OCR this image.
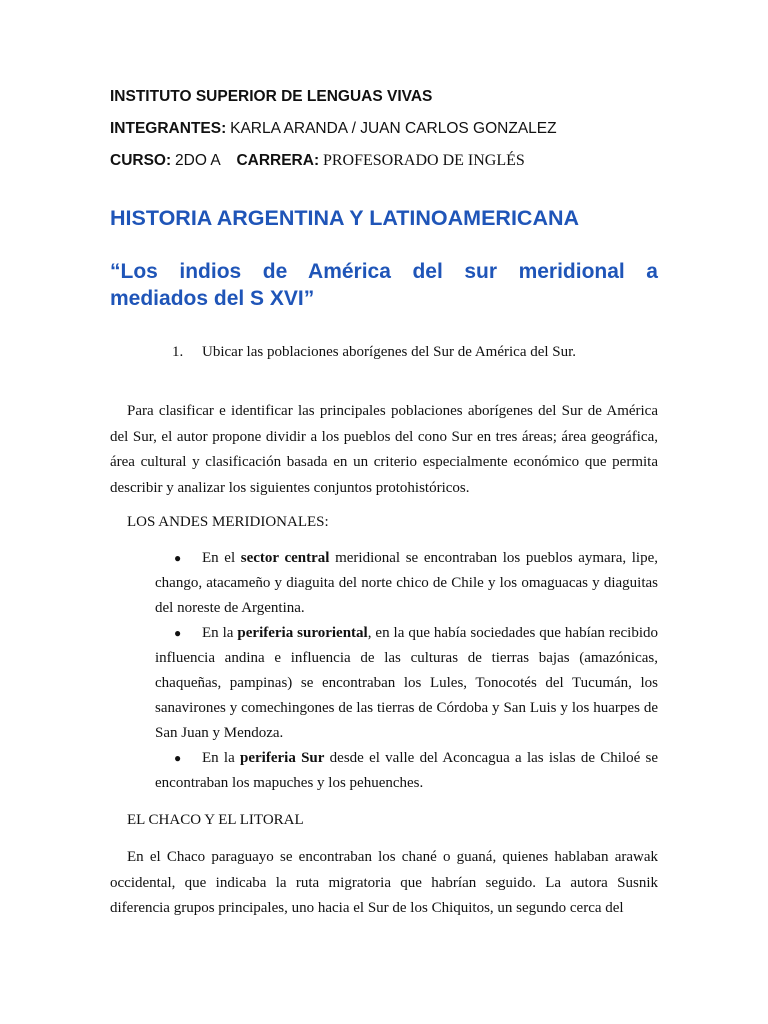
INSTITUTO SUPERIOR DE LENGUAS VIVAS
INTEGRANTES: KARLA ARANDA / JUAN CARLOS GONZALEZ
CURSO: 2DO A CARRERA: PROFESORADO DE INGLÉS
HISTORIA ARGENTINA Y LATINOAMERICANA
“Los indios de América del sur meridional a
mediados del S XVI”
1. Ubicar las poblaciones aborígenes del Sur de América del Sur.
Para clasificar e identificar las principales poblaciones aborígenes del Sur de América del Sur, el autor propone dividir a los pueblos del cono Sur en tres áreas; área geográfica, área cultural y clasificación basada en un criterio especialmente económico que permita describir y analizar los siguientes conjuntos protohistóricos.
LOS ANDES MERIDIONALES:

●	En el sector central meridional se encontraban los pueblos aymara, lipe, chango, atacameño y diaguita del norte chico de Chile y los omaguacas y diaguitas del noreste de Argentina.

●	En la periferia suroriental, en la que había sociedades que habían recibido influencia andina e influencia de las culturas de tierras bajas (amazónicas, chaqueñas, pampinas) se encontraban los Lules, Tonocotés del Tucumán, los sanavirones y comechingones de las tierras de Córdoba y San Luis y los huarpes de San Juan y Mendoza.

●	En la periferia Sur desde el valle del Aconcagua a las islas de Chiloé se encontraban los mapuches y los pehuenches.

EL CHACO Y EL LITORAL
En el Chaco paraguayo se encontraban los chané o guaná, quienes hablaban arawak occidental, que indicaba la ruta migratoria que habrían seguido. La autora Susnik diferencia grupos principales, uno hacia el Sur de los Chiquitos, un segundo cerca del
